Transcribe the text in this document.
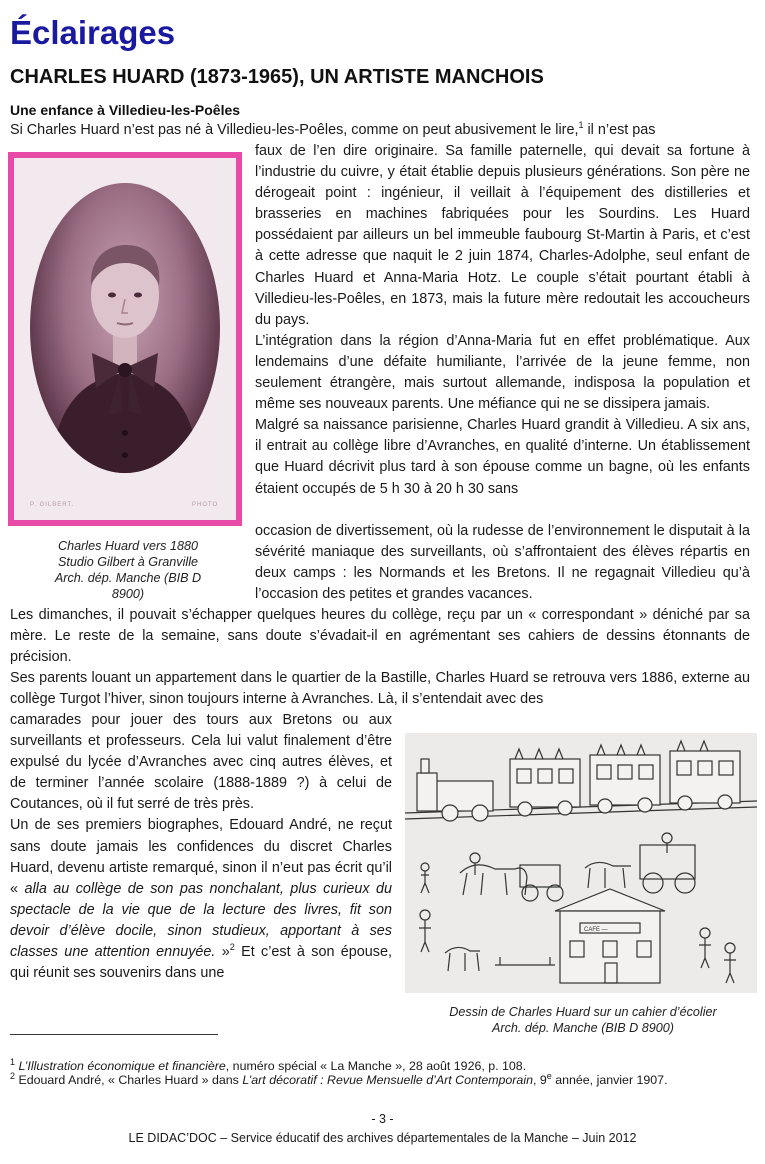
Éclairages
CHARLES HUARD (1873-1965), UN ARTISTE MANCHOIS
Une enfance à Villedieu-les-Poêles
Si Charles Huard n’est pas né à Villedieu-les-Poêles, comme on peut abusivement le lire,$^1$ il n’est pas
P. GILBERT.	PHOTO
Charles Huard vers 1880
Studio Gilbert à Granville
Arch. dép. Manche (BIB D
8900)

faux de l’en dire originaire. Sa famille paternelle, qui devait sa fortune à l’industrie du cuivre, y était établie depuis plusieurs générations. Son père ne dérogeait point : ingénieur, il veillait à l’équipement des distilleries et brasseries en machines fabriquées pour les Sourdins. Les Huard possédaient par ailleurs un bel immeuble faubourg St-Martin à Paris, et c’est à cette adresse que naquit le 2 juin 1874, Charles-Adolphe, seul enfant de Charles Huard et Anna-Maria Hotz. Le couple s’était pourtant établi à Villedieu-les-Poêles, en 1873, mais la future mère redoutait les accoucheurs du pays.

L’intégration dans la région d’Anna-Maria fut en effet problématique. Aux lendemains d’une défaite humiliante, l’arrivée de la jeune femme, non seulement étrangère, mais surtout allemande, indisposa la population et même ses nouveaux parents. Une méfiance qui ne se dissipera jamais.

Malgré sa naissance parisienne, Charles Huard grandit à Villedieu. A six ans, il entrait au collège libre d’Avranches, en qualité d’interne. Un établissement que Huard décrivit plus tard à son épouse comme un bagne, où les enfants étaient occupés de 5 h 30 à 20 h 30 sans

occasion de divertissement, où la rudesse de l’environnement le disputait à la sévérité maniaque des surveillants, où s’affrontaient des élèves répartis en deux camps : les Normands et les Bretons. Il ne regagnait Villedieu qu’à l’occasion des petites et grandes vacances.

Les dimanches, il pouvait s’échapper quelques heures du collège, reçu par un « correspondant » déniché par sa mère. Le reste de la semaine, sans doute s’évadait-il en agrémentant ses cahiers de dessins étonnants de précision.

Ses parents louant un appartement dans le quartier de la Bastille, Charles Huard se retrouva vers 1886, externe au collège Turgot l’hiver, sinon toujours interne à Avranches. Là, il s’entendait avec des

camarades pour jouer des tours aux Bretons ou aux surveillants et professeurs. Cela lui valut finalement d’être expulsé du lycée d’Avranches avec cinq autres élèves, et de terminer l’année scolaire (1888-1889 ?) à celui de Coutances, où il fut serré de très près.

Un de ses premiers biographes, Edouard André, ne reçut sans doute jamais les confidences du discret Charles Huard, devenu artiste remarqué, sinon il n’eut pas écrit qu’il « alla au collège de son pas nonchalant, plus curieux du spectacle de la vie que de la lecture des livres, fit son devoir d’élève docile, sinon studieux, apportant à ses classes une attention ennuyée. »$^2$ Et c’est à son épouse, qui réunit ses souvenirs dans une

CAFE —
Dessin de Charles Huard sur un cahier d’écolier
Arch. dép. Manche (BIB D 8900)
$^1$ L’Illustration économique et financière, numéro spécial « La Manche », 28 août 1926, p. 108.
$^2$ Edouard André, « Charles Huard » dans L’art décoratif : Revue Mensuelle d’Art Contemporain, 9e année, janvier 1907.
- 3 -
LE DIDAC’DOC – Service éducatif des archives départementales de la Manche – Juin 2012
